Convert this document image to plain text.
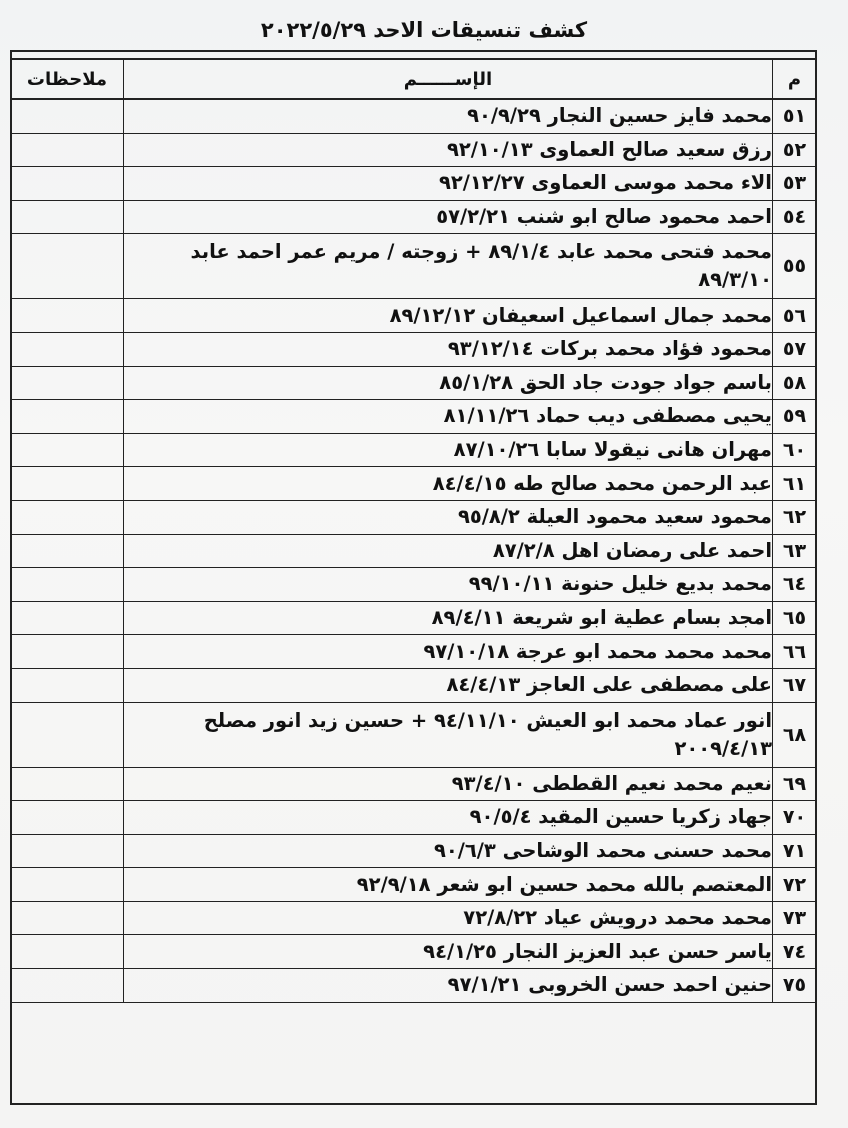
كشف تنسيقات الاحد ٢٠٢٢/٥/٢٩
م	الإســــــم	ملاحظات
٥١	محمد فايز حسين النجار ٩٠/٩/٢٩	
٥٢	رزق سعيد صالح العماوى ٩٢/١٠/١٣	
٥٣	الاء محمد موسى العماوى ٩٢/١٢/٢٧	
٥٤	احمد محمود صالح ابو شنب ٥٧/٢/٢١	
٥٥	محمد فتحى محمد عابد ٨٩/١/٤ + زوجته / مريم عمر احمد عابد ٨٩/٣/١٠	
٥٦	محمد جمال اسماعيل اسعيفان ٨٩/١٢/١٢	
٥٧	محمود فؤاد محمد بركات ٩٣/١٢/١٤	
٥٨	باسم جواد جودت جاد الحق ٨٥/١/٢٨	
٥٩	يحيى مصطفى ديب حماد ٨١/١١/٢٦	
٦٠	مهران هانى نيقولا سابا ٨٧/١٠/٢٦	
٦١	عبد الرحمن محمد صالح طه ٨٤/٤/١٥	
٦٢	محمود سعيد محمود العيلة ٩٥/٨/٢	
٦٣	احمد على رمضان اهل ٨٧/٢/٨	
٦٤	محمد بديع خليل حنونة ٩٩/١٠/١١	
٦٥	امجد بسام عطية ابو شريعة ٨٩/٤/١١	
٦٦	محمد محمد محمد ابو عرجة ٩٧/١٠/١٨	
٦٧	على مصطفى على العاجز ٨٤/٤/١٣	
٦٨	انور عماد محمد ابو العيش ٩٤/١١/١٠ + حسين زيد انور مصلح ٢٠٠٩/٤/١٣	
٦٩	نعيم محمد نعيم القططى ٩٣/٤/١٠	
٧٠	جهاد زكريا حسين المقيد ٩٠/٥/٤	
٧١	محمد حسنى محمد الوشاحى ٩٠/٦/٣	
٧٢	المعتصم بالله محمد حسين ابو شعر ٩٢/٩/١٨	
٧٣	محمد محمد درويش عياد ٧٢/٨/٢٢	
٧٤	ياسر حسن عبد العزيز النجار ٩٤/١/٢٥	
٧٥	حنين احمد حسن الخروبى ٩٧/١/٢١	
